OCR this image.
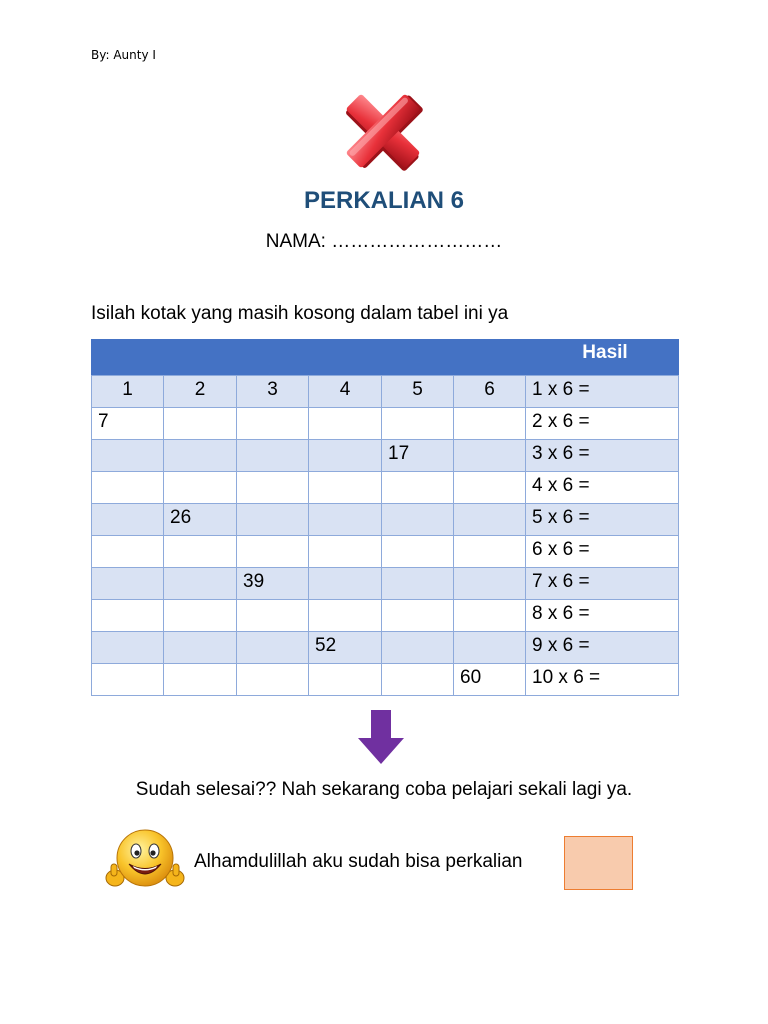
By: Aunty I
PERKALIAN 6
NAMA: ………………………
Isilah kotak yang masih kosong dalam tabel ini ya
						Hasil
1	2	3	4	5	6	1 x 6 =
7						2 x 6 =
				17		3 x 6 =
						4 x 6 =
	26					5 x 6 =
						6 x 6 =
		39				7 x 6 =
						8 x 6 =
			52			9 x 6 =
					60	10 x 6 =
Sudah selesai?? Nah sekarang coba pelajari sekali lagi ya.
Alhamdulillah aku sudah bisa perkalian
